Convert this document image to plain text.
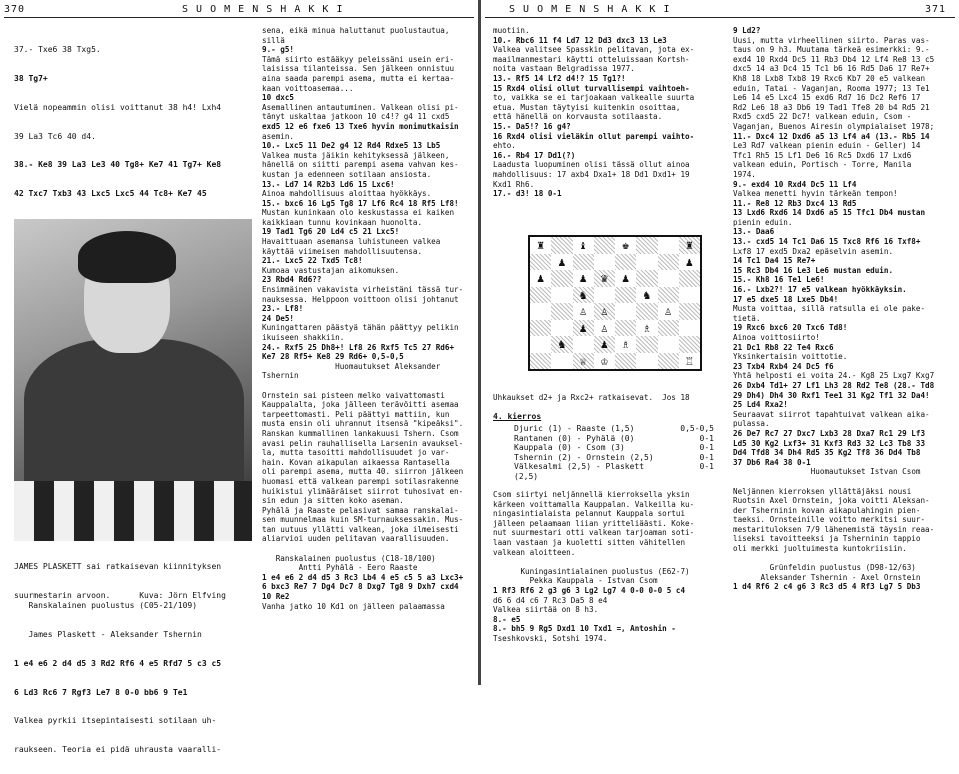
370	S U O M E N S H A K K I

37.- Txe6 38 Txg5.

38 Tg7+

Vielä nopeammin olisi voittanut 38 h4! Lxh4

39 La3 Tc6 40 d4.

38.- Ke8 39 La3 Le3 40 Tg8+ Ke7 41 Tg7+ Ke8

42 Txc7 Txb3 43 Lxc5 Lxc5 44 Tc8+ Ke7 45

JAMES PLASKETT sai ratkaisevan kiinnityksen

suurmestarin arvoon.      Kuva: Jörn Elfving

Ranskalainen puolustus (C05-21/109)

James Plaskett - Aleksander Tshernin

1 e4 e6 2 d4 d5 3 Rd2 Rf6 4 e5 Rfd7 5 c3 c5

6 Ld3 Rc6 7 Rgf3 Le7 8 0-0 bb6 9 Te1

Valkea pyrkii itsepintaisesti sotilaan uh-

raukseen. Teoria ei pidä uhrausta vaaralli-

sena, eikä minua haluttanut puolustautua,
sillä
9.- g5!
Tämä siirto estääkyy peleissäni usein eri-
laisissa tilanteissa. Sen jälkeen onnistuu
aina saada parempi asema, mutta ei kertaa-
kaan voittoasemaa...
10 dxc5
Asemallinen antautuminen. Valkean olisi pi-
tänyt uskaltaa jatkoon 10 c4!? g4 11 cxd5
exd5 12 e6 fxe6 13 Txe6 hyvin monimutkaisin
asemin.
10.- Lxc5 11 De2 g4 12 Rd4 Rdxe5 13 Lb5
Valkea musta jäikin kehityksessä jälkeen,
hänellä on siitti parempi asema vahvan kes-
kustan ja edenneen sotilaan ansiosta.
13.- Ld7 14 R2b3 Ld6 15 Lxc6!
Ainoa mahdollisuus aloittaa hyökkäys.
15.- bxc6 16 Lg5 Tg8 17 Lf6 Rc4 18 Rf5 Lf8!
Mustan kuninkaan olo keskustassa ei kaiken
kaikkiaan tunnu kovinkaan huonolta.
19 Tad1 Tg6 20 Ld4 c5 21 Lxc5!
Havaittuaan asemansa luhistuneen valkea
käyttää viimeisen mahdollisuutensa.
21.- Lxc5 22 Txd5 Tc8!
Kumoaa vastustajan aikomuksen.
23 Rbd4 Rd6??
Ensimmäinen vakavista virheistäni tässä tur-
nauksessa. Helppoon voittoon olisi johtanut
23.- Lf8!
24 De5!
Kuningattaren päästyä tähän päättyy pelikin
ikuiseen shakkiin.
24.- Rxf5 25 Dh8+! Lf8 26 Rxf5 Tc5 27 Rd6+
Ke7 28 Rf5+ Ke8 29 Rd6+ 0,5-0,5
Huomautukset Aleksander Tshernin
Ornstein sai pisteen melko vaivattomasti
Kauppalalta, joka jälleen terävöitti asemaa
tarpeettomasti. Peli päättyi mattiin, kun
musta ensin oli uhrannut itsensä "kipeäksi".
Ranskan kummallinen lankakuusi Tshern. Csom
avasi pelin rauhallisella Larsenin avauksel-
la, mutta tasoitti mahdollisuudet jo var-
hain. Kovan aikapulan aikaessa Rantasella
oli parempi asema, mutta 40. siirron jälkeen
huomasi että valkean parempi sotilasrakenne
huikistui ylimääräiset siirrot tuhosivat en-
sin edun ja sitten koko aseman.
Pyhälä ja Raaste pelasivat samaa ranskalai-
sen muunnelmaa kuin SM-turnauksessakin. Mus-
tan uutuus yllätti valkean, joka ilmeisesti
aliarvioi uuden pelitavan vaarallisuuden.
Ranskalainen puolustus (C18-18/100)
Antti Pyhälä - Eero Raaste
1 e4 e6 2 d4 d5 3 Rc3 Lb4 4 e5 c5 5 a3 Lxc3+
6 bxc3 Re7 7 Dg4 Dc7 8 Dxg7 Tg8 9 Dxh7 cxd4
10 Re2
Vanha jatko 10 Kd1 on jälleen palaamassa
S U O M E N S H A K K I	371
muotiin.
10.- Rbc6 11 f4 Ld7 12 Dd3 dxc3 13 Le3
Valkea valitsee Spasskin pelitavan, jota ex-
maailmanmestari käytti otteluissaan Kortsh-
noita vastaan Belgradissa 1977.
13.- Rf5 14 Lf2 d4!? 15 Tg1?!
15 Rxd4 olisi ollut turvallisempi vaihtoeh-
to, vaikka se ei tarjoakaan valkealle suurta
etua. Mustan täytyisi kuitenkin osoittaa,
että hänellä on korvausta sotilaasta.
15.- Da5!? 16 g4?
16 Rxd4 olisi vieläkin ollut parempi vaihto-
ehto.
16.- Rb4 17 Dd1(?)
Laadusta luopuminen olisi tässä ollut ainoa
mahdollisuus: 17 axb4 Dxa1+ 18 Dd1 Dxd1+ 19
Kxd1 Rh6.
17.- d3! 18 0-1

Uhkaukset d2+ ja Rxc2+ ratkaisevat.  Jos 18

4. kierros
Csom siirtyi neljännellä kierroksella yksin
kärkeen voittamalla Kauppalan. Valkeilla ku-
ningasintialaista pelannut Kauppala sortui
jälleen pelaamaan liian yritteliäästi. Koke-
nut suurmestari otti valkean tarjoaman soti-
laan vastaan ja kuoletti sitten vähitellen
valkean aloitteen.
Kuningasintialainen puolustus (E62-7)
Pekka Kauppala - Istvan Csom
1 Rf3 Rf6 2 g3 g6 3 Lg2 Lg7 4 0-0 0-0 5 c4
d6 6 d4 c6 7 Rc3 Da5 8 e4
Valkea siirtää on 8 h3.
8.- e5
8.- bh5 9 Rg5 Dxd1 10 Txd1 =, Antoshin -
Tseshkovski, Sotshi 1974.
9 Ld2?
Uusi, mutta virheellinen siirto. Paras vas-
taus on 9 h3. Muutama tärkeä esimerkki: 9.-
exd4 10 Rxd4 Dc5 11 Rb3 Db4 12 Lf4 Re8 13 c5
dxc5 14 a3 Dc4 15 Tc1 b6 16 Rd5 Da6 17 Re7+
Kh8 18 Lxb8 Txb8 19 Rxc6 Kb7 20 e5 valkean
eduin, Tatai - Vaganjan, Rooma 1977; 13 Te1
Le6 14 e5 Lxc4 15 exd6 Rd7 16 Dc2 Ref6 17
Rd2 Le6 18 a3 Db6 19 Tad1 Tfe8 20 b4 Rd5 21
Rxd5 cxd5 22 Dc7! valkean eduin, Csom -
Vaganjan, Buenos Airesin olympialaiset 1978;
11.- Dxc4 12 Dxd6 a5 13 Lf4 a4 (13.- Rb5 14
Le3 Rd7 valkean pienin eduin - Geller) 14
Tfc1 Rh5 15 Lf1 De6 16 Rc5 Dxd6 17 Lxd6
valkean eduin, Portisch - Torre, Manila
1974.
9.- exd4 10 Rxd4 Dc5 11 Lf4
Valkea menetti hyvin tärkeän tempon!
11.- Re8 12 Rb3 Dxc4 13 Rd5
13 Lxd6 Rxd6 14 Dxd6 a5 15 Tfc1 Db4 mustan
pienin eduin.
13.- Daa6
13.- cxd5 14 Tc1 Da6 15 Txc8 Rf6 16 Txf8+
Lxf8 17 exd5 Dxa2 epäselvin asemin.
14 Tc1 Da4 15 Re7+
15 Rc3 Db4 16 Le3 Le6 mustan eduin.
15.- Kh8 16 Te1 Le6!
16.- Lxb2?! 17 e5 valkean hyökkäyksin.
17 e5 dxe5 18 Lxe5 Db4!
Musta voittaa, sillä ratsulla ei ole pake-
tietä.
19 Rxc6 bxc6 20 Txc6 Td8!
Ainoa voittosiirto!
21 Dc1 Rb8 22 Te4 Rxc6
Yksinkertaisin voittotie.
23 Txb4 Rxb4 24 Dc5 f6
Yhtä helposti ei voita 24.- Kg8 25 Lxg7 Kxg7
26 Dxb4 Td1+ 27 Lf1 Lh3 28 Rd2 Te8 (28.- Td8
29 Dh4) Dh4 30 Rxf1 Tee1 31 Kg2 Tf1 32 Da4!
25 Ld4 Rxa2!
Seuraavat siirrot tapahtuivat valkean aika-
pulassa.
26 De7 Rc7 27 Dxc7 Lxb3 28 Dxa7 Rc1 29 Lf3
Ld5 30 Kg2 Lxf3+ 31 Kxf3 Rd3 32 Lc3 Tb8 33
Dd4 Tfd8 34 Dh4 Rd5 35 Kg2 Tf8 36 Dd4 Tb8
37 Db6 Ra4 38 0-1
Huomautukset Istvan Csom
Neljännen kierroksen yllättäjäksi nousi
Ruotsin Axel Ornstein, joka voitti Aleksan-
der Tsherninin kovan aikapulahingin pien-
taeksi. Ornsteinille voitto merkitsi suur-
mestarituloksen 7/9 lähenemistä täysin reaa-
liseksi tavoitteeksi ja Tsherninin tappio
oli merkki juoltuimesta kuntokriisiin.
Grünfeldin puolustus (D98-12/63)
Aleksander Tshernin - Axel Ornstein
1 d4 Rf6 2 c4 g6 3 Rc3 d5 4 Rf3 Lg7 5 Db3
♜	♝	♚	♜
♟	♟
♟	♟	♛	♟
♞	♞
♙	♙	♙
♟	♙	♗
♞	♟	♗
♕	♔	♖
Djuric (1) - Raaste (1,5)	0,5-0,5
Rantanen (0) - Pyhälä (0)	0-1
Kauppala (0) - Csom (3)	0-1
Tshernin (2) - Ornstein (2,5)	0-1
Välkesalmi (2,5) - Plaskett (2,5)
0-1
